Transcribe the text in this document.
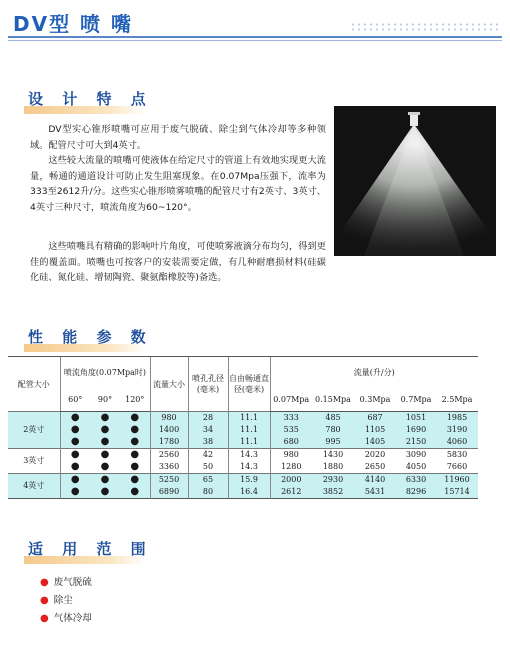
DV型 喷 嘴
设 计 特 点
DV型实心锥形喷嘴可应用于废气脱硫、除尘到气体冷却等多种领域。配管尺寸可大到4英寸。
这些较大流量的喷嘴可使液体在给定尺寸的管道上有效地实现更大流量，畅通的通道设计可防止发生阻塞现象。在0.07Mpa压强下，流率为333至2612升/分。这些实心锥形喷雾喷嘴的配管尺寸有2英寸、3英寸、4英寸三种尺寸，喷流角度为60~120°。
这些喷嘴具有精确的影响叶片角度，可使喷雾液滴分布均匀，得到更佳的覆盖面。喷嘴也可按客户的安装需要定做，有几种耐磨损材料(硅碳化硅、氮化硅、增韧陶瓷、聚氨酯橡胶等)备选。
性 能 参 数
配管大小	喷流角度(0.07Mpa时)			流量大小	喷孔孔径(毫米)	自由畅通直径(毫米)	流量(升/分)				
	60°	90°	120°				0.07Mpa	0.15Mpa	0.3Mpa	0.7Mpa	2.5Mpa
2英寸	●	●	●	980	28	11.1	333	485	687	1051	1985
	●	●	●	1400	34	11.1	535	780	1105	1690	3190
	●	●	●	1780	38	11.1	680	995	1405	2150	4060
3英寸	●	●	●	2560	42	14.3	980	1430	2020	3090	5830
	●	●	●	3360	50	14.3	1280	1880	2650	4050	7660
4英寸	●	●	●	5250	65	15.9	2000	2930	4140	6330	11960
	●	●	●	6890	80	16.4	2612	3852	5431	8296	15714
适 用 范 围
● 废气脱硫
● 除尘
● 气体冷却
